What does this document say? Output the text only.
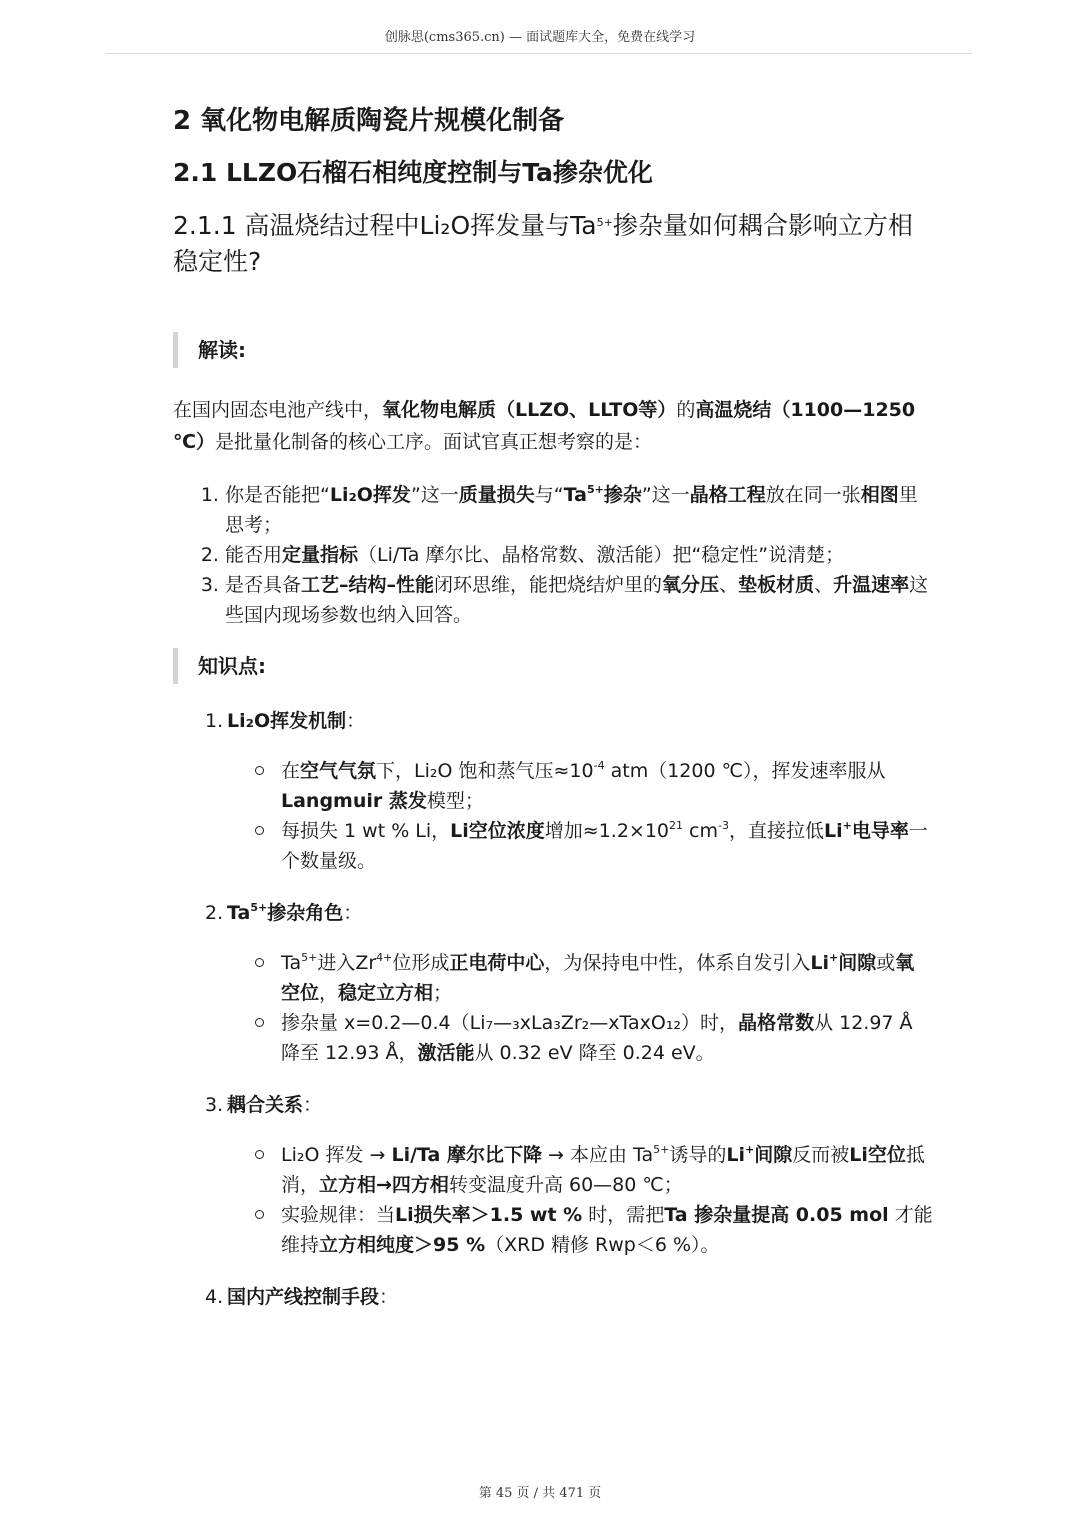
创脉思(cms365.cn) — 面试题库大全，免费在线学习
2 氧化物电解质陶瓷片规模化制备
2.1 LLZO石榴石相纯度控制与Ta掺杂优化
2.1.1 高温烧结过程中Li₂O挥发量与$Ta^{5+}$掺杂量如何耦合影响立方相稳定性?
解读:

在国内固态电池产线中，氧化物电解质（LLZO、LLTO等）的高温烧结（1100—1250 ℃）是批量化制备的核心工序。面试官真正想考察的是：

1. 你是否能把“Li₂O挥发”这一质量损失与“$Ta^{5+}$掺杂”这一晶格工程放在同一张相图里思考；
2. 能否用定量指标（Li/Ta 摩尔比、晶格常数、激活能）把“稳定性”说清楚；
3. 是否具备工艺–结构–性能闭环思维，能把烧结炉里的氧分压、垫板材质、升温速率这些国内现场参数也纳入回答。
知识点:
1. Li₂O挥发机制：
在空气气氛下，Li₂O 饱和蒸气压$\approx 10^{-4}$ atm（1200 ℃），挥发速率服从Langmuir 蒸发模型；
每损失 1 wt % Li，Li空位浓度增加$\approx 1.2\times 10^{21}$ $cm^{-3}$，直接拉低Li+电导率一个数量级。
2. $Ta^{5+}$掺杂角色：
$Ta^{5+}$进入$Zr^{4+}$位形成正电荷中心，为保持电中性，体系自发引入Li+间隙或氧空位，稳定立方相；
掺杂量 x=0.2—0.4（Li₇—₃xLa₃Zr₂—xTaxO₁₂）时，晶格常数从 12.97 Å 降至 12.93 Å，激活能从 0.32 eV 降至 0.24 eV。
3. 耦合关系：
Li₂O 挥发 → Li/Ta 摩尔比下降 → 本应由 $Ta^{5+}$诱导的Li+间隙反而被Li空位抵消，立方相→四方相转变温度升高 60—80 ℃；
实验规律：当Li损失率＞1.5 wt % 时，需把Ta 掺杂量提高 0.05 mol 才能维持立方相纯度＞95 %（XRD 精修 Rwp＜6 %）。
4. 国内产线控制手段：
第 45 页 / 共 471 页
